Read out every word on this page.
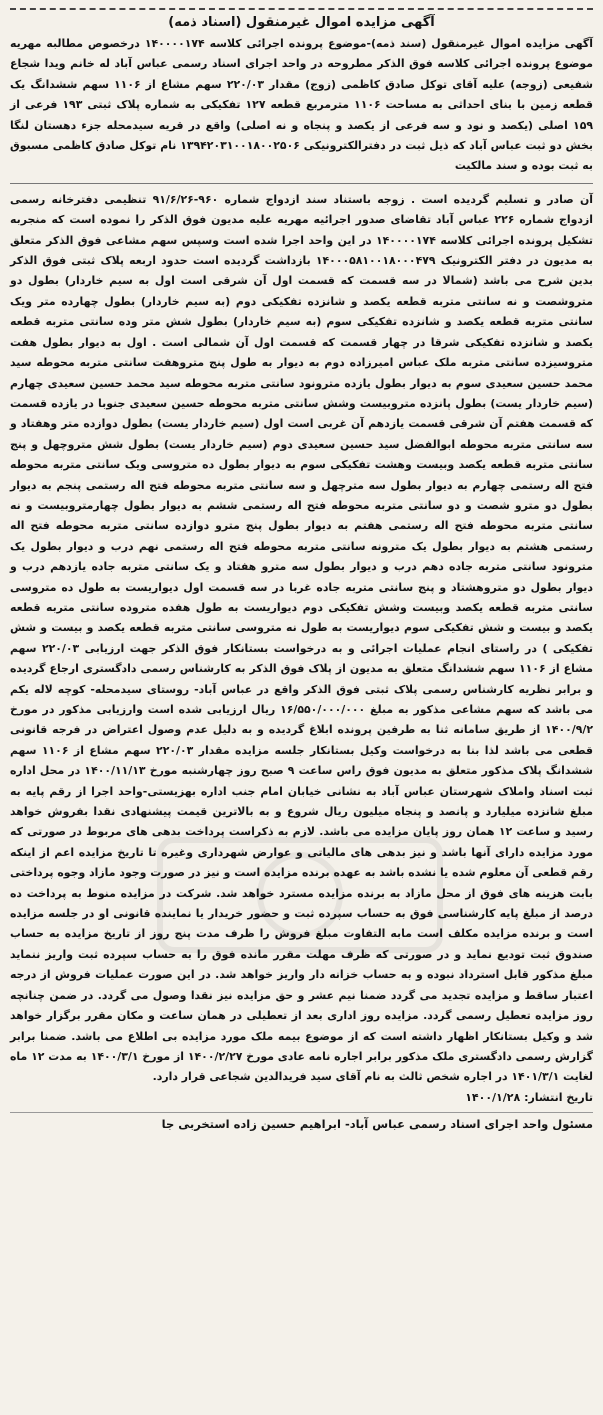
آگهی مزایده اموال غیرمنقول (اسناد ذمه)
آگهی مزایده اموال غیرمنقول (سند ذمه)-موضوع پرونده اجرائی کلاسه ۱۴۰۰۰۰۱۷۴ درخصوص مطالبه مهریه موضوع پرونده اجرائی کلاسه فوق الذکر مطروحه در واحد اجرای اسناد رسمی عباس آباد له خانم ویدا شجاع شفیعی (زوجه) علیه آقای توکل صادق کاظمی (زوج) مقدار ۲۲۰/۰۳ سهم مشاع از ۱۱۰۶ سهم ششدانگ یک قطعه زمین با بنای احداثی به مساحت ۱۱۰۶ مترمربع قطعه ۱۲۷ تفکیکی به شماره پلاک ثبتی ۱۹۳ فرعی از ۱۵۹ اصلی (یکصد و نود و سه فرعی از یکصد و پنجاه و نه اصلی) واقع در قریه سیدمحله جزء دهستان لنگا بخش دو ثبت عباس آباد که ذیل ثبت در دفترالکترونیکی ۱۳۹۴۲۰۳۱۰۰۱۸۰۰۲۵۰۶ نام توکل صادق کاظمی مسبوق به ثبت بوده و سند مالکیت
آن صادر و تسلیم گردیده است . زوجه باستناد سند ازدواج شماره ۹۶۰-۹۱/۶/۲۶ تنظیمی دفترخانه رسمی ازدواج شماره ۲۲۶ عباس آباد تقاضای صدور اجرائیه مهریه علیه مدیون فوق الذکر را نموده است که منجربه تشکیل پرونده اجرائی کلاسه ۱۴۰۰۰۰۱۷۴ در این واحد اجرا شده است وسپس سهم مشاعی فوق الذکر متعلق به مدیون در دفتر الکترونیک ۱۴۰۰۰۵۸۱۰۰۱۸۰۰۰۴۷۹ بازداشت گردیده است حدود اربعه پلاک ثبتی فوق الذکر بدین شرح می باشد (شمالا در سه قسمت که قسمت اول آن شرقی است اول به سیم خاردار) بطول دو متروشصت و نه سانتی متربه قطعه یکصد و شانزده تفکیکی دوم (به سیم خاردار) بطول چهارده متر ویک سانتی متربه قطعه یکصد و شانزده تفکیکی سوم (به سیم خاردار) بطول شش متر وده سانتی متربه قطعه یکصد و شانزده تفکیکی شرقا در چهار قسمت که قسمت اول آن شمالی است . اول به دیوار بطول هفت متروسیزده سانتی متربه ملک عباس امیرزاده دوم به دیوار به طول پنج متروهفت سانتی متربه محوطه سید محمد حسین سعیدی سوم به دیوار بطول یازده مترونود سانتی متربه محوطه سید محمد حسین سعیدی چهارم (سیم خاردار یست) بطول پانزده متروبیست وشش سانتی متربه محوطه حسین سعیدی جنوبا در یازده قسمت که قسمت هفتم آن شرقی قسمت یازدهم آن غربی است اول (سیم خاردار یست) بطول دوازده متر وهفتاد و سه سانتی متربه محوطه ابوالفضل سید حسین سعیدی دوم (سیم خاردار یست) بطول شش متروچهل و پنج سانتی متربه قطعه یکصد وبیست وهشت تفکیکی سوم به دیوار بطول ده متروسی ویک سانتی متربه محوطه فتح اله رستمی چهارم به دیوار بطول سه مترچهل و سه سانتی متربه محوطه فتح اله رستمی پنجم به دیوار بطول دو مترو شصت و دو سانتی متربه محوطه فتح اله رستمی ششم به دیوار بطول چهارمتروبیست و نه سانتی متربه محوطه فتح اله رستمی هفتم به دیوار بطول پنج مترو دوازده سانتی متربه محوطه فتح اله رستمی هشتم به دیوار بطول یک مترونه سانتی متربه محوطه فتح اله رستمی نهم درب و دیوار بطول یک مترونود سانتی متربه جاده دهم درب و دیوار بطول سه مترو هفتاد و یک سانتی متربه جاده یازدهم درب و دیوار بطول دو متروهشتاد و پنج سانتی متربه جاده غربا در سه قسمت اول دیواریست به طول ده متروسی سانتی متربه قطعه یکصد وبیست وشش تفکیکی دوم دیواریست به طول هفده متروده سانتی متربه قطعه یکصد و بیست و شش تفکیکی سوم دیواریست به طول نه متروسی سانتی متربه قطعه یکصد و بیست و شش تفکیکی ) در راستای انجام عملیات اجرائی و به درخواست بستانکار فوق الذکر جهت ارزیابی ۲۲۰/۰۳ سهم مشاع از ۱۱۰۶ سهم ششدانگ متعلق به مدیون از پلاک فوق الذکر به کارشناس رسمی دادگستری ارجاع گردیده و برابر نظریه کارشناس رسمی پلاک ثبتی فوق الذکر واقع در عباس آباد- روستای سیدمحله- کوچه لاله یکم می باشد که سهم مشاعی مذکور به مبلغ ۱۶/۵۵۰/۰۰۰/۰۰۰ ریال ارزیابی شده است وارزیابی مذکور در مورخ ۱۴۰۰/۹/۲ از طریق سامانه ثنا به طرفین پرونده ابلاغ گردیده و به دلیل عدم وصول اعتراض در فرجه قانونی قطعی می باشد لذا بنا به درخواست وکیل بستانکار جلسه مزایده مقدار ۲۲۰/۰۳ سهم مشاع از ۱۱۰۶ سهم ششدانگ پلاک مذکور متعلق به مدیون فوق راس ساعت ۹ صبح روز چهارشنبه مورخ ۱۴۰۰/۱۱/۱۳ در محل اداره ثبت اسناد واملاک شهرستان عباس آباد به نشانی خیابان امام جنب اداره بهزیستی-واحد اجرا از رقم پایه به مبلغ شانزده میلیارد و پانصد و پنجاه میلیون ریال شروع و به بالاترین قیمت پیشنهادی نقدا بفروش خواهد رسید و ساعت ۱۲ همان روز پایان مزایده می باشد. لازم به ذکراست پرداخت بدهی های مربوط در صورتی که مورد مزایده دارای آنها باشد و نیز بدهی های مالیاتی و عوارض شهرداری وغیره تا تاریخ مزایده اعم از اینکه رقم قطعی آن معلوم شده یا نشده باشد به عهده برنده مزایده است و نیز در صورت وجود مازاد وجوه پرداختی بابت هزینه های فوق از محل مازاد به برنده مزایده مسترد خواهد شد. شرکت در مزایده منوط به پرداخت ده درصد از مبلغ پایه کارشناسی فوق به حساب سپرده ثبت و حضور خریدار یا نماینده قانونی او در جلسه مزایده است و برنده مزایده مکلف است مابه التفاوت مبلغ فروش را ظرف مدت پنج روز از تاریخ مزایده به حساب صندوق ثبت تودیع نماید و در صورتی که ظرف مهلت مقرر مانده فوق را به حساب سپرده ثبت واریز ننماید مبلغ مذکور قابل استرداد نبوده و به حساب خزانه دار واریز خواهد شد. در این صورت عملیات فروش از درجه اعتبار ساقط و مزایده تجدید می گردد ضمنا نیم عشر و حق مزایده نیز نقدا وصول می گردد. در ضمن چنانچه روز مزایده تعطیل رسمی گردد. مزایده روز اداری بعد از تعطیلی در همان ساعت و مکان مقرر برگزار خواهد شد و وکیل بستانکار اظهار داشته است که از موضوع بیمه ملک مورد مزایده بی اطلاع می باشد. ضمنا برابر گزارش رسمی دادگستری ملک مذکور برابر اجاره نامه عادی مورخ ۱۴۰۰/۲/۲۷ از مورخ ۱۴۰۰/۳/۱ به مدت ۱۲ ماه لغایت ۱۴۰۱/۳/۱ در اجاره شخص ثالث به نام آقای سید فریدالدین شجاعی قرار دارد.
تاریخ انتشار: ۱۴۰۰/۱/۲۸
مسئول واحد اجرای اسناد رسمی عباس آباد- ابراهیم حسین زاده استخربی جا
